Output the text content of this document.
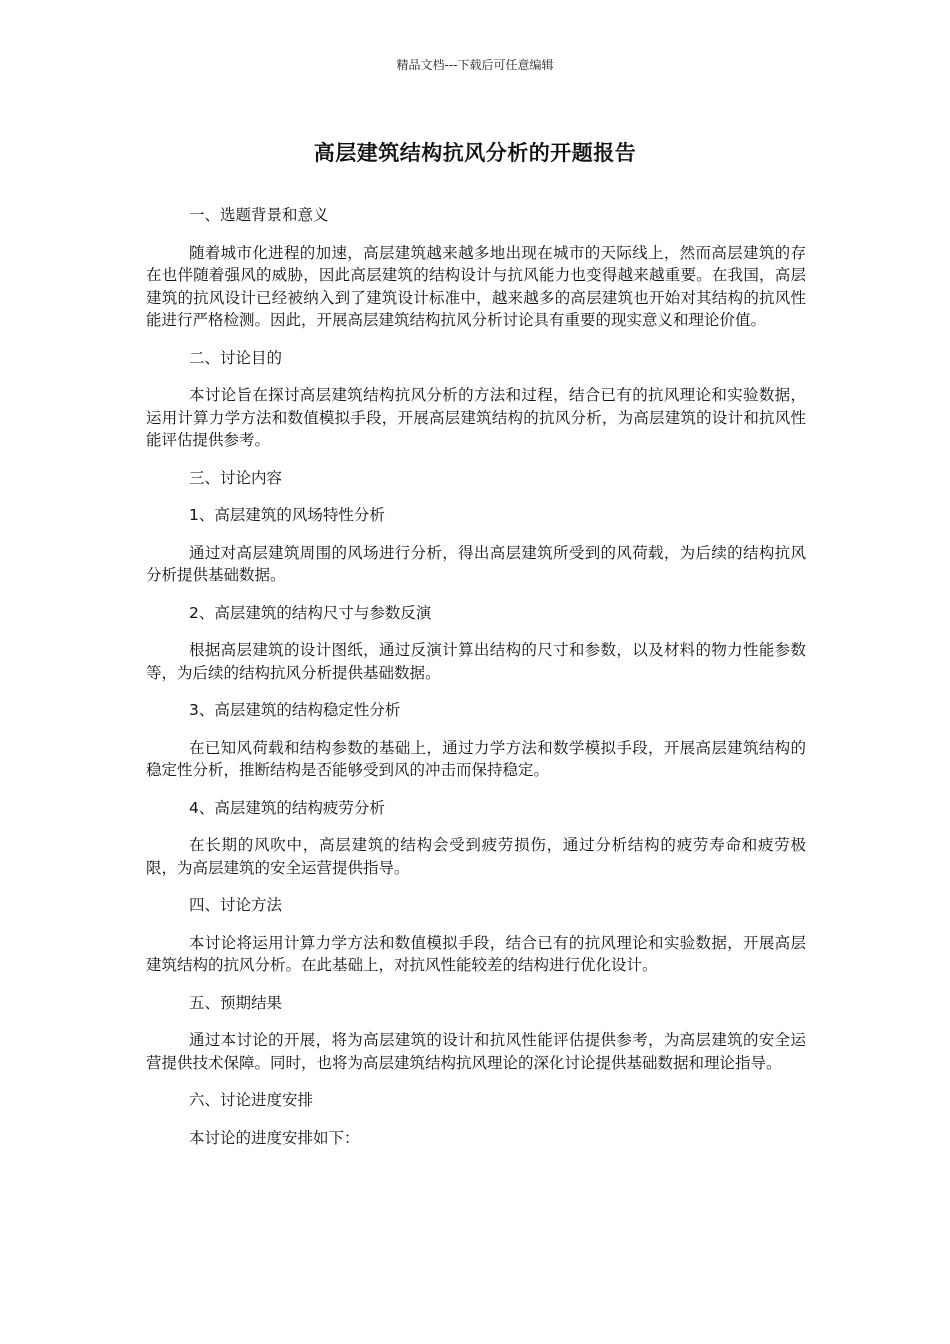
精品文档---下载后可任意编辑
高层建筑结构抗风分析的开题报告

一、选题背景和意义

随着城市化进程的加速，高层建筑越来越多地出现在城市的天际线上，然而高层建筑的存在也伴随着强风的威胁，因此高层建筑的结构设计与抗风能力也变得越来越重要。在我国，高层建筑的抗风设计已经被纳入到了建筑设计标准中，越来越多的高层建筑也开始对其结构的抗风性能进行严格检测。因此，开展高层建筑结构抗风分析讨论具有重要的现实意义和理论价值。

二、讨论目的

本讨论旨在探讨高层建筑结构抗风分析的方法和过程，结合已有的抗风理论和实验数据，运用计算力学方法和数值模拟手段，开展高层建筑结构的抗风分析，为高层建筑的设计和抗风性能评估提供参考。

三、讨论内容

1、高层建筑的风场特性分析

通过对高层建筑周围的风场进行分析，得出高层建筑所受到的风荷载，为后续的结构抗风分析提供基础数据。

2、高层建筑的结构尺寸与参数反演

根据高层建筑的设计图纸，通过反演计算出结构的尺寸和参数，以及材料的物力性能参数等，为后续的结构抗风分析提供基础数据。

3、高层建筑的结构稳定性分析

在已知风荷载和结构参数的基础上，通过力学方法和数学模拟手段，开展高层建筑结构的稳定性分析，推断结构是否能够受到风的冲击而保持稳定。

4、高层建筑的结构疲劳分析

在长期的风吹中，高层建筑的结构会受到疲劳损伤，通过分析结构的疲劳寿命和疲劳极限，为高层建筑的安全运营提供指导。

四、讨论方法

本讨论将运用计算力学方法和数值模拟手段，结合已有的抗风理论和实验数据，开展高层建筑结构的抗风分析。在此基础上，对抗风性能较差的结构进行优化设计。

五、预期结果

通过本讨论的开展，将为高层建筑的设计和抗风性能评估提供参考，为高层建筑的安全运营提供技术保障。同时，也将为高层建筑结构抗风理论的深化讨论提供基础数据和理论指导。

六、讨论进度安排

本讨论的进度安排如下：
